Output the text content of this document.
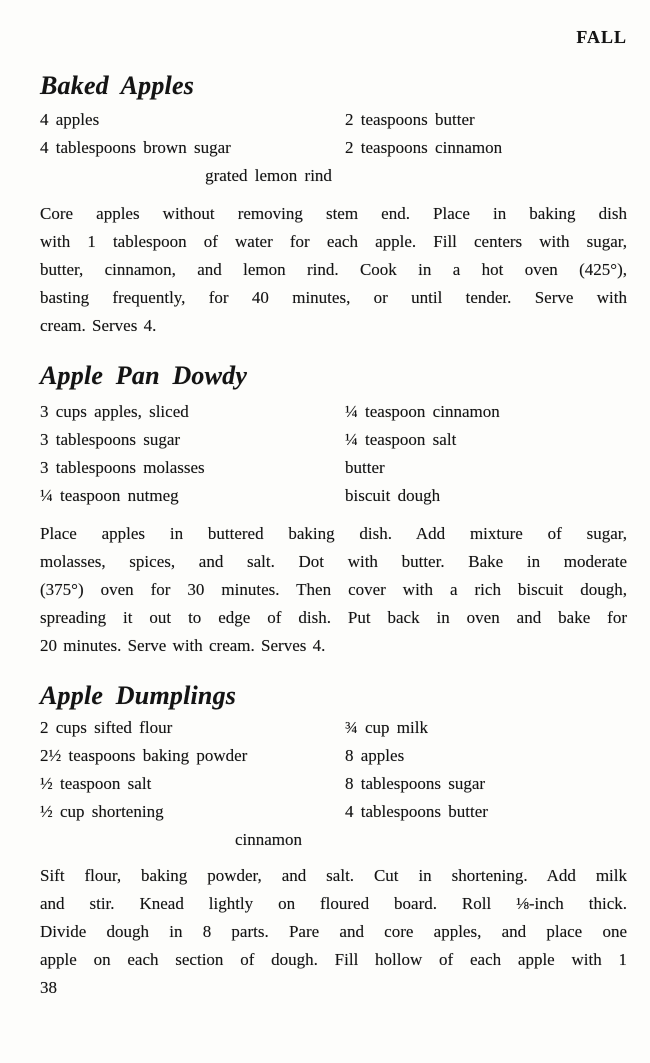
FALL
Baked Apples
4 apples	2 teaspoons butter
4 tablespoons brown sugar	2 teaspoons cinnamon
grated lemon rind
Core apples without removing stem end. Place in baking dish
with 1 tablespoon of water for each apple. Fill centers with sugar,
butter, cinnamon, and lemon rind. Cook in a hot oven (425°),
basting frequently, for 40 minutes, or until tender. Serve with
cream. Serves 4.
Apple Pan Dowdy
3 cups apples, sliced	¼ teaspoon cinnamon
3 tablespoons sugar	¼ teaspoon salt
3 tablespoons molasses	butter
¼ teaspoon nutmeg	biscuit dough
Place apples in buttered baking dish. Add mixture of sugar,
molasses, spices, and salt. Dot with butter. Bake in moderate
(375°) oven for 30 minutes. Then cover with a rich biscuit dough,
spreading it out to edge of dish. Put back in oven and bake for
20 minutes. Serve with cream. Serves 4.
Apple Dumplings
2 cups sifted flour	¾ cup milk
2½ teaspoons baking powder	8 apples
½ teaspoon salt	8 tablespoons sugar
½ cup shortening	4 tablespoons butter
cinnamon
Sift flour, baking powder, and salt. Cut in shortening. Add milk
and stir. Knead lightly on floured board. Roll ⅛-inch thick.
Divide dough in 8 parts. Pare and core apples, and place one
apple on each section of dough. Fill hollow of each apple with 1
38
